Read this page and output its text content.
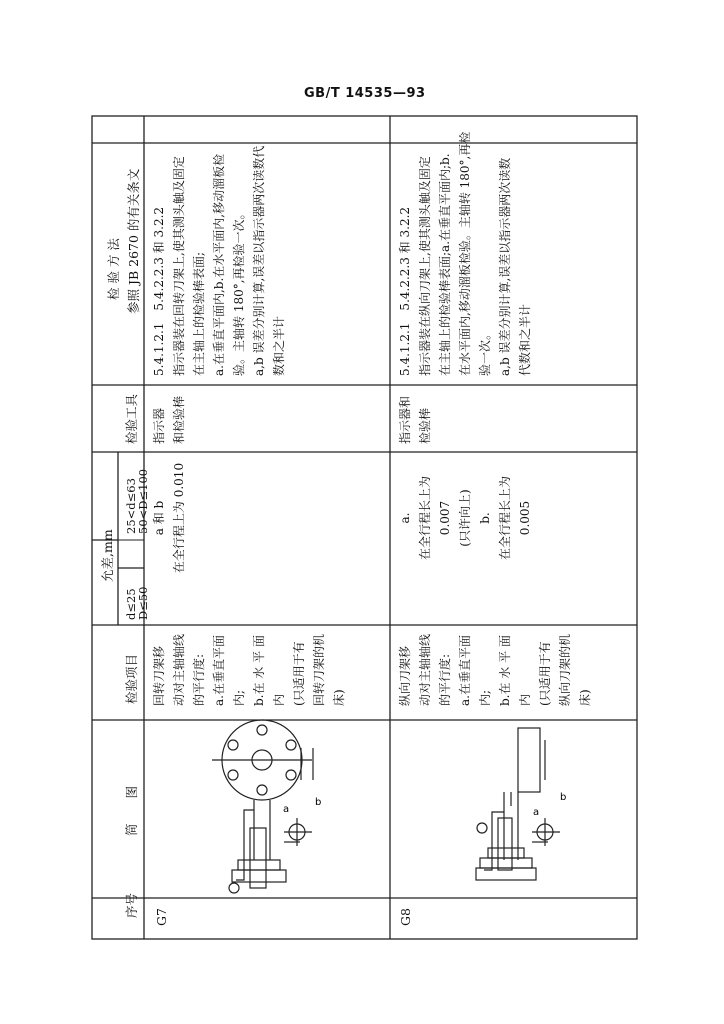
GB/T 14535—93
序号
简　　图
检验项目
允差,mm
d≤25
25<d≤63
D≤50
50<D≤100
检验工具
检 验 方 法 参照 JB 2670 的有关条文
G7
回转刀架移 动对主轴轴线 的平行度: a.在垂直平面 内; b.在 水 平 面 内 (只适用于有 回转刀架的机 床)
a 和 b 在全行程上为 0.010
指示器 和检验棒
5.4.1.2.1　5.4.2.2.3 和 3.2.2 指示器装在回转刀架上,使其测头触及固定 在主轴上的检验棒表面; a.在垂直平面内,b.在水平面内,移动溜板检 验。主轴转 180°,再检验一次。 a,b 误差分别计算,误差以指示器两次读数代 数和之半计
b
a
G8
纵向刀架移 动对主轴轴线 的平行度: a.在垂直平面 内; b.在 水 平 面 内 (只适用于有 纵向刀架的机 床)
a. 在全行程长上为 0.007 (只许向上) b. 在全行程长上为 0.005
指示器和 检验棒
5.4.1.2.1　5.4.2.2.3 和 3.2.2 指示器装在纵向刀架上,使其测头触及固定 在主轴上的检验棒表面;a.在垂直平面内;b. 在水平面内,移动溜板检验。主轴转 180°,再检 验一次。 a,b 误差分别计算,误差以指示器两次读数 代数和之半计
b
a
